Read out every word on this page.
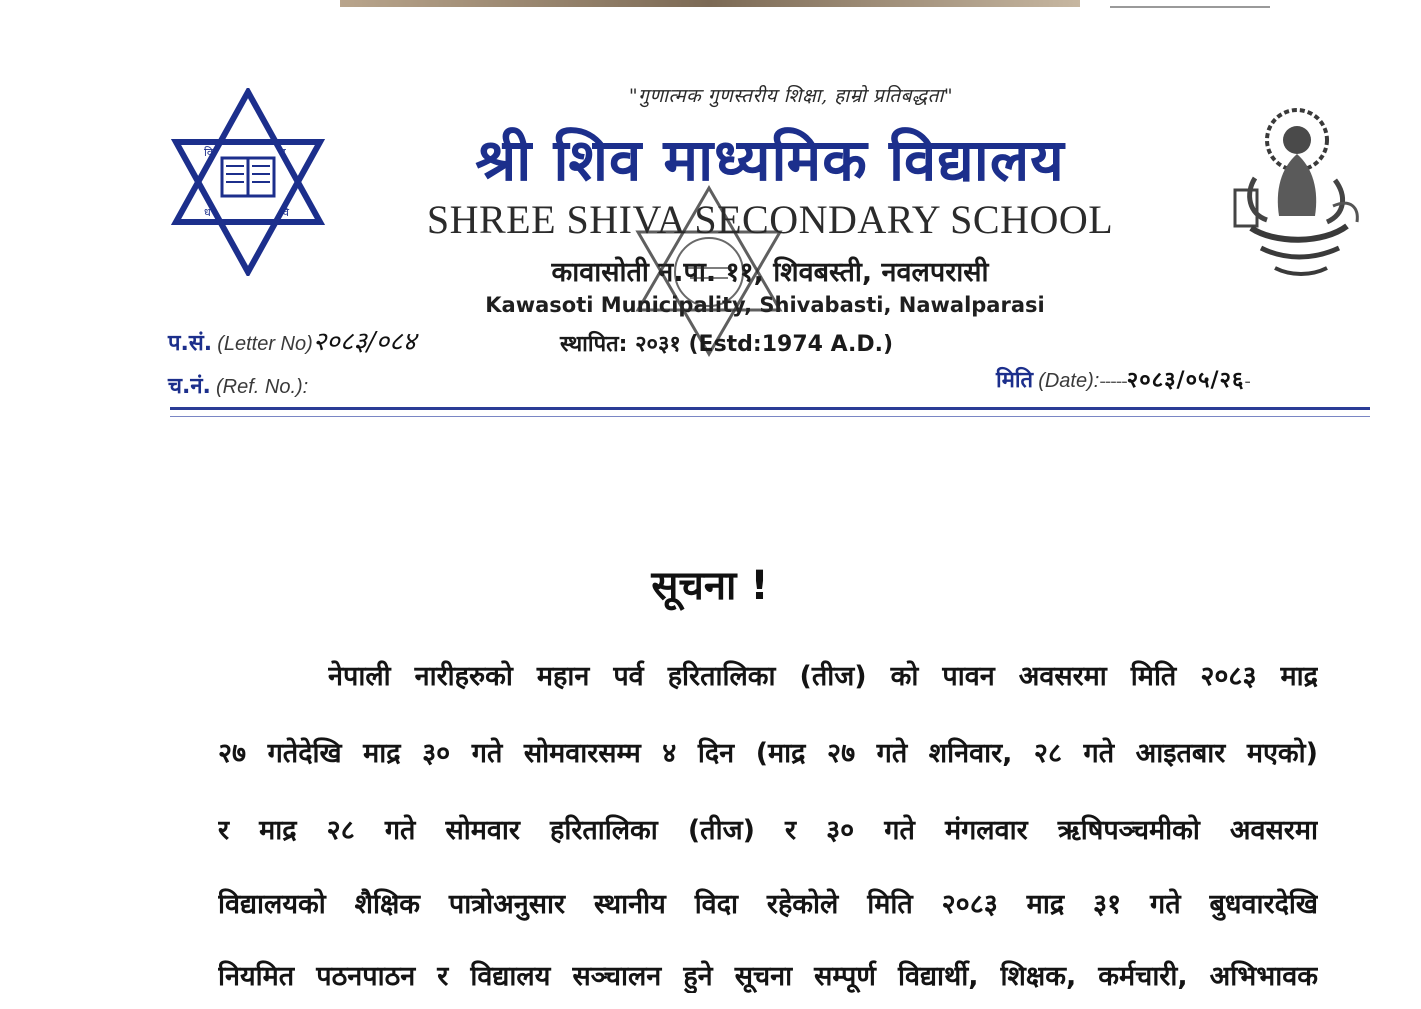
वि	द
ध	वि
"गुणात्मक गुणस्तरीय शिक्षा, हाम्रो प्रतिबद्धता"
श्री शिव माध्यमिक विद्यालय
SHREE SHIVA SECONDARY SCHOOL
कावासोती न.पा. ११, शिवबस्ती, नवलपरासी
Kawasoti Municipality, Shivabasti, Nawalparasi
प.सं. (Letter No)२०८३/०८४	स्थापित: २०३१ (Estd:1974 A.D.)
च.नं. (Ref. No.):	मिति (Date):-----२०८३/०५/२६-
सूचना !
नेपाली नारीहरुको महान पर्व हरितालिका (तीज) को पावन अवसरमा मिति २०८३ माद्र
२७ गतेदेखि माद्र ३० गते सोमवारसम्म ४ दिन (माद्र २७ गते शनिवार, २८ गते आइतबार मएको)
र माद्र २८ गते सोमवार हरितालिका (तीज) र ३० गते मंगलवार ऋषिपञ्चमीको अवसरमा
विद्यालयको शैक्षिक पात्रोअनुसार स्थानीय विदा रहेकोले मिति २०८३ माद्र ३१ गते बुधवारदेखि
नियमित पठनपाठन र विद्यालय सञ्चालन हुने सूचना सम्पूर्ण विद्यार्थी, शिक्षक, कर्मचारी, अभिभावक
